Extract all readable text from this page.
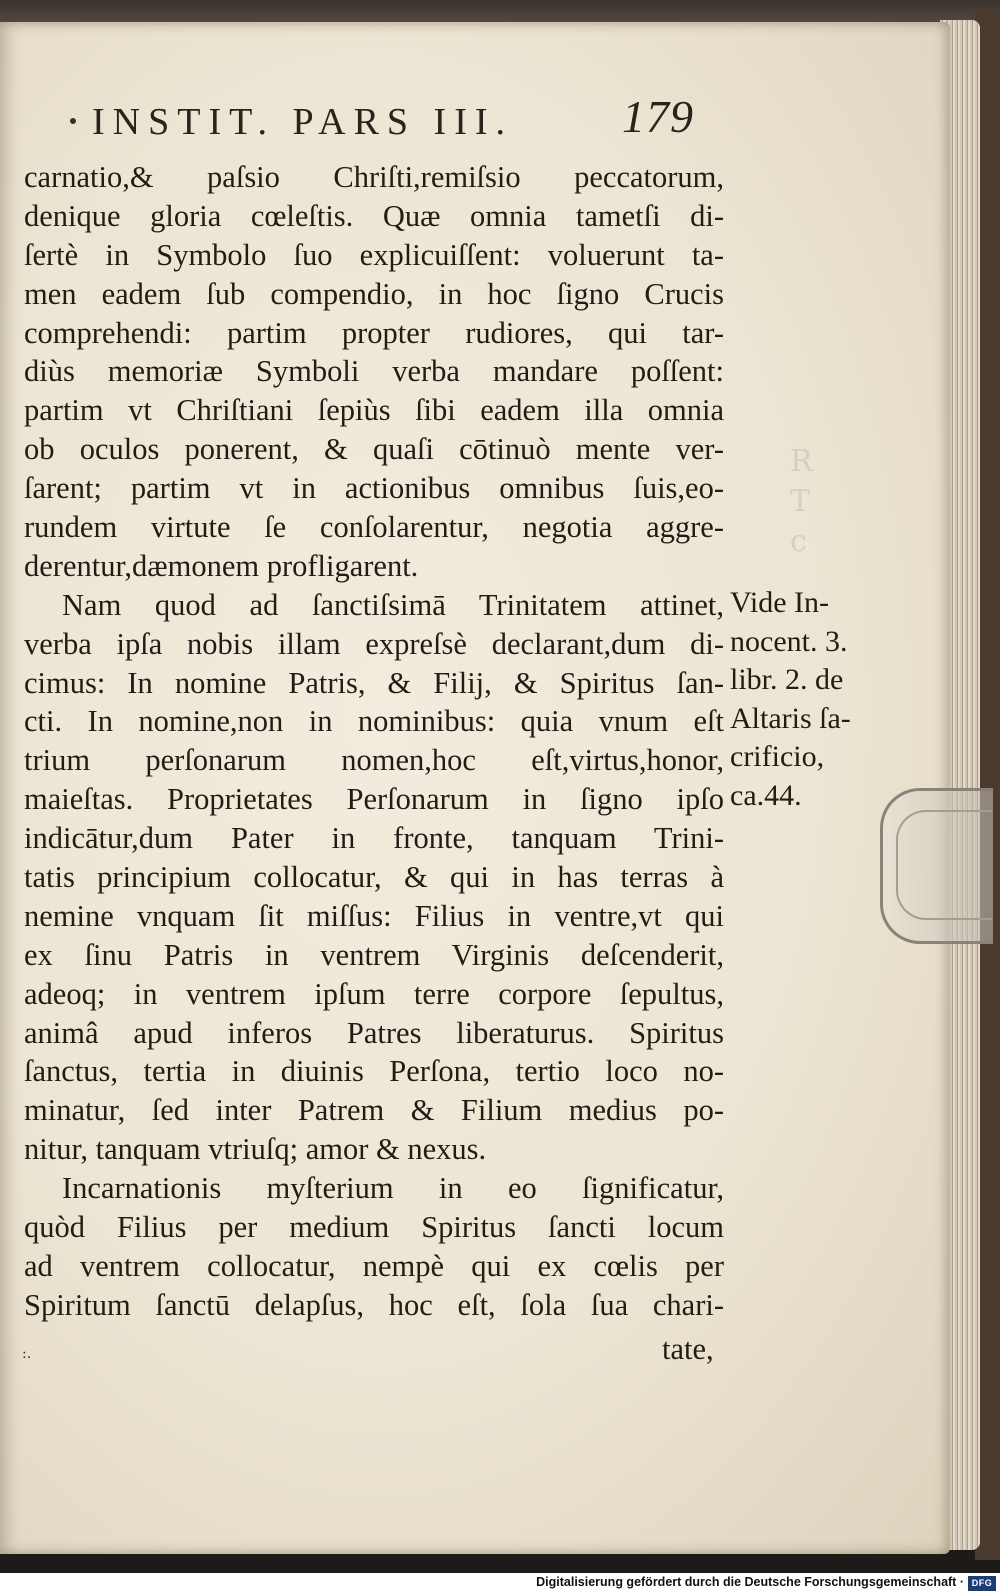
R
T
c
INSTIT. PARS III. 179
carnatio,& paſsio Chriſti,remiſsio peccatorum,
denique gloria cœleſtis. Quæ omnia tametſi di-
ſertè in Symbolo ſuo explicuiſſent: voluerunt ta-
men eadem ſub compendio, in hoc ſigno Crucis
comprehendi: partim propter rudiores, qui tar-
diùs memoriæ Symboli verba mandare poſſent:
partim vt Chriſtiani ſepiùs ſibi eadem illa omnia
ob oculos ponerent, & quaſi cōtinuò mente ver-
ſarent; partim vt in actionibus omnibus ſuis,eo-
rundem virtute ſe conſolarentur, negotia aggre-
derentur,dæmonem profligarent.
Nam quod ad ſanctiſsimā Trinitatem attinet,
verba ipſa nobis illam expreſsè declarant,dum di-
cimus: In nomine Patris, & Filij, & Spiritus ſan-
cti. In nomine,non in nominibus: quia vnum eſt
trium perſonarum nomen,hoc eſt,virtus,honor,
maieſtas. Proprietates Perſonarum in ſigno ipſo
indicātur,dum Pater in fronte, tanquam Trini-
tatis principium collocatur, & qui in has terras à
nemine vnquam ſit miſſus: Filius in ventre,vt qui
ex ſinu Patris in ventrem Virginis deſcenderit,
adeoq; in ventrem ipſum terre corpore ſepultus,
animâ apud inferos Patres liberaturus. Spiritus
ſanctus, tertia in diuinis Perſona, tertio loco no-
minatur, ſed inter Patrem & Filium medius po-
nitur, tanquam vtriuſq; amor & nexus.
Incarnationis myſterium in eo ſignificatur,
quòd Filius per medium Spiritus ſancti locum
ad ventrem collocatur, nempè qui ex cœlis per
Spiritum ſanctū delapſus, hoc eſt, ſola ſua chari-
Vide In-
nocent. 3.
libr. 2. de
Altaris ſa-
crificio,
ca.44.
tate,
:.
Digitalisierung gefördert durch die Deutsche Forschungsgemeinschaft · DFG
